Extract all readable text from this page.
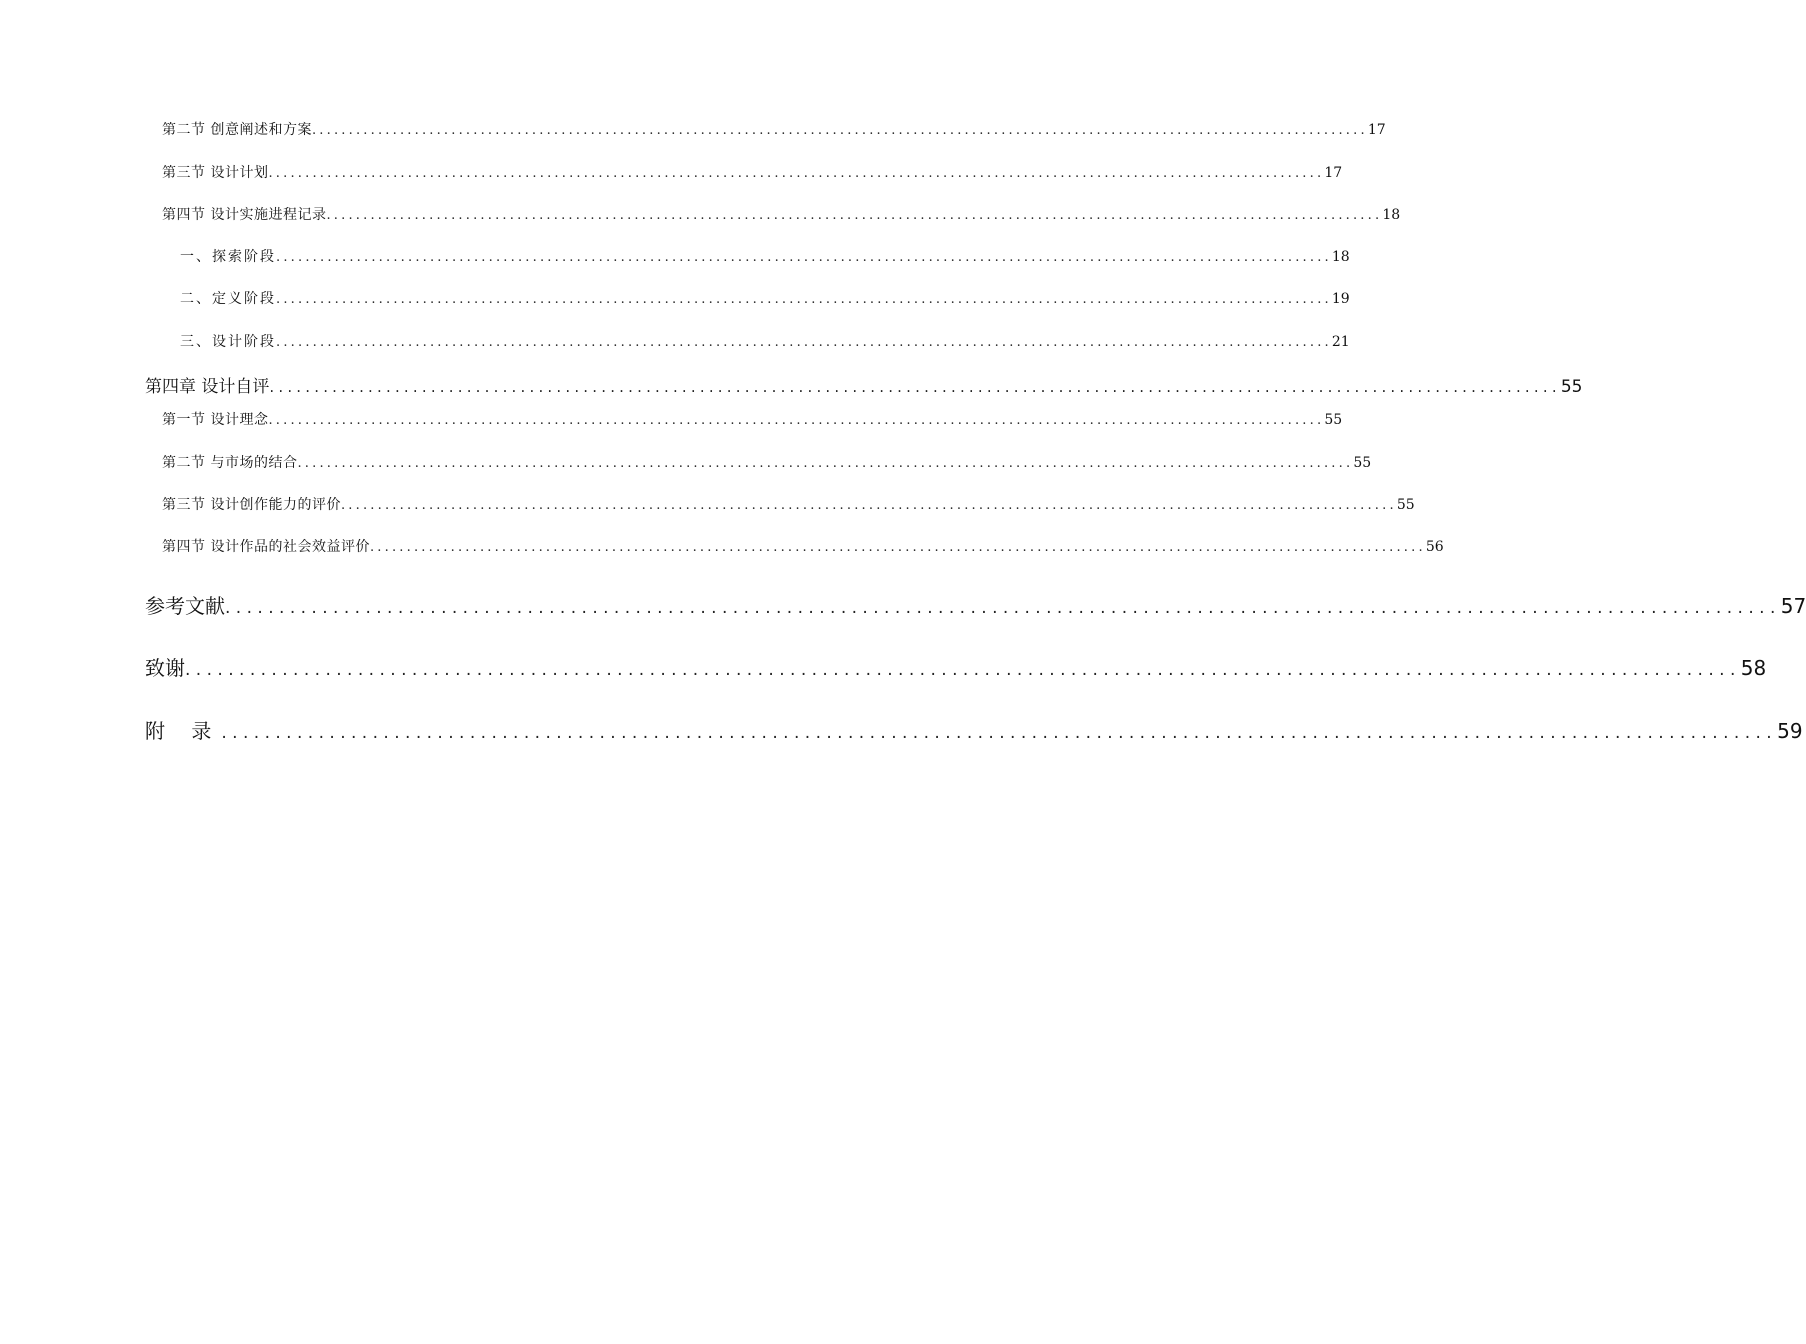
第二节 创意阐述和方案 ................................................................................................................................................ 17
第三节 设计计划 ................................................................................................................................................ 17
第四节 设计实施进程记录 ................................................................................................................................................ 18
一、探索阶段 ................................................................................................................................................ 18
二、定义阶段 ................................................................................................................................................ 19
三、设计阶段 ................................................................................................................................................ 21
第四章 设计自评 ................................................................................................................................................ 55
第一节 设计理念 ................................................................................................................................................ 55
第二节 与市场的结合 ................................................................................................................................................ 55
第三节 设计创作能力的评价 ................................................................................................................................................ 55
第四节 设计作品的社会效益评价 ................................................................................................................................................ 56
参考文献 ................................................................................................................................................ 57
致谢 ................................................................................................................................................ 58
附 录 ................................................................................................................................................ 59
